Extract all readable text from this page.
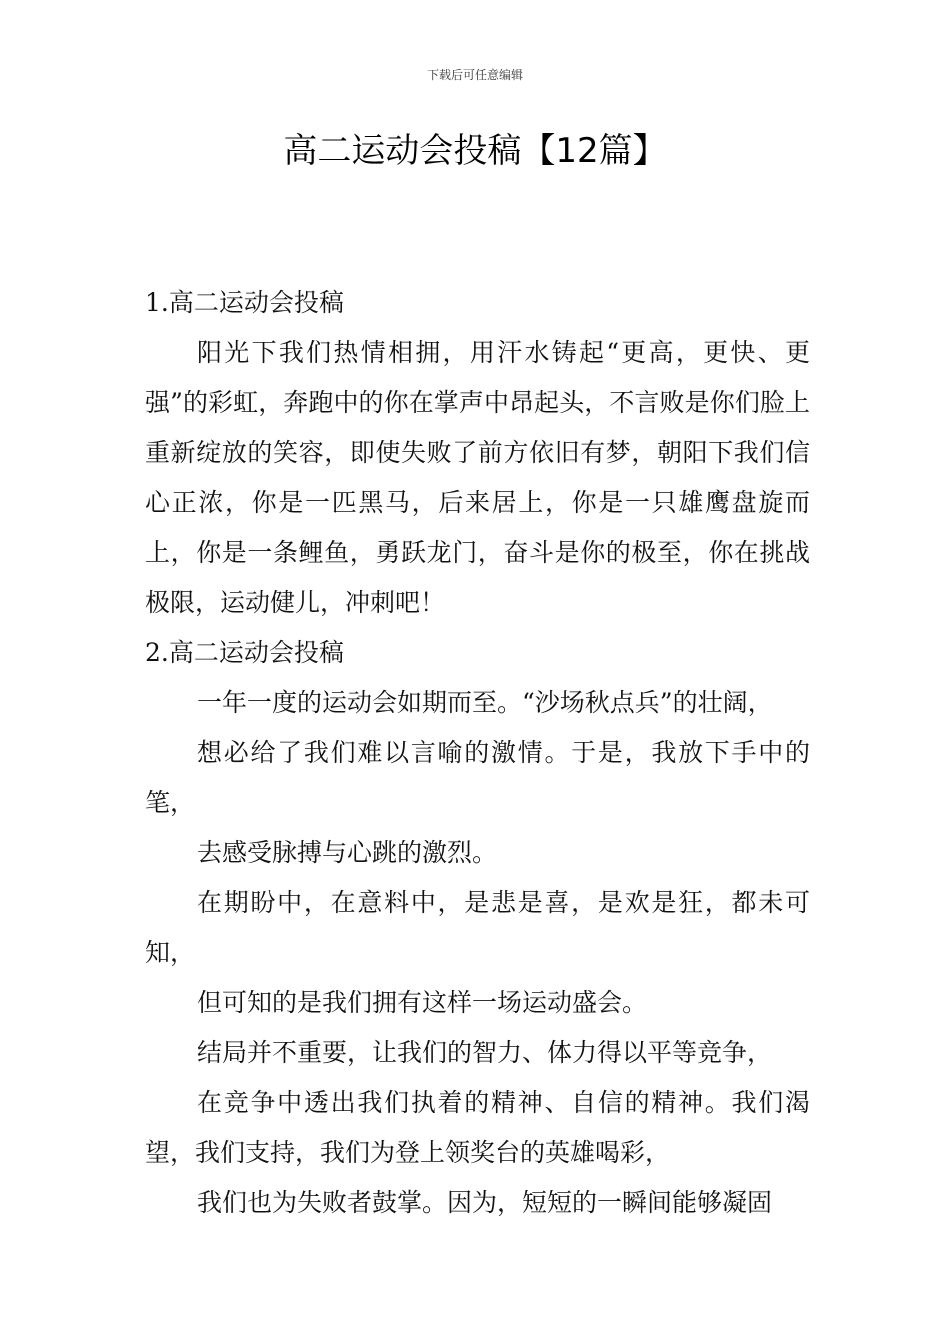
下载后可任意编辑
高二运动会投稿【12篇】

1.高二运动会投稿

阳光下我们热情相拥，用汗水铸起“更高，更快、更强”的彩虹，奔跑中的你在掌声中昂起头，不言败是你们脸上重新绽放的笑容，即使失败了前方依旧有梦，朝阳下我们信心正浓，你是一匹黑马，后来居上，你是一只雄鹰盘旋而上，你是一条鲤鱼，勇跃龙门，奋斗是你的极至，你在挑战极限，运动健儿，冲刺吧！

2.高二运动会投稿

一年一度的运动会如期而至。“沙场秋点兵”的壮阔，

想必给了我们难以言喻的激情。于是，我放下手中的笔，

去感受脉搏与心跳的激烈。

在期盼中，在意料中，是悲是喜，是欢是狂，都未可知，

但可知的是我们拥有这样一场运动盛会。

结局并不重要，让我们的智力、体力得以平等竞争，

在竞争中透出我们执着的精神、自信的精神。我们渴望，我们支持，我们为登上领奖台的英雄喝彩，

我们也为失败者鼓掌。因为，短短的一瞬间能够凝固
